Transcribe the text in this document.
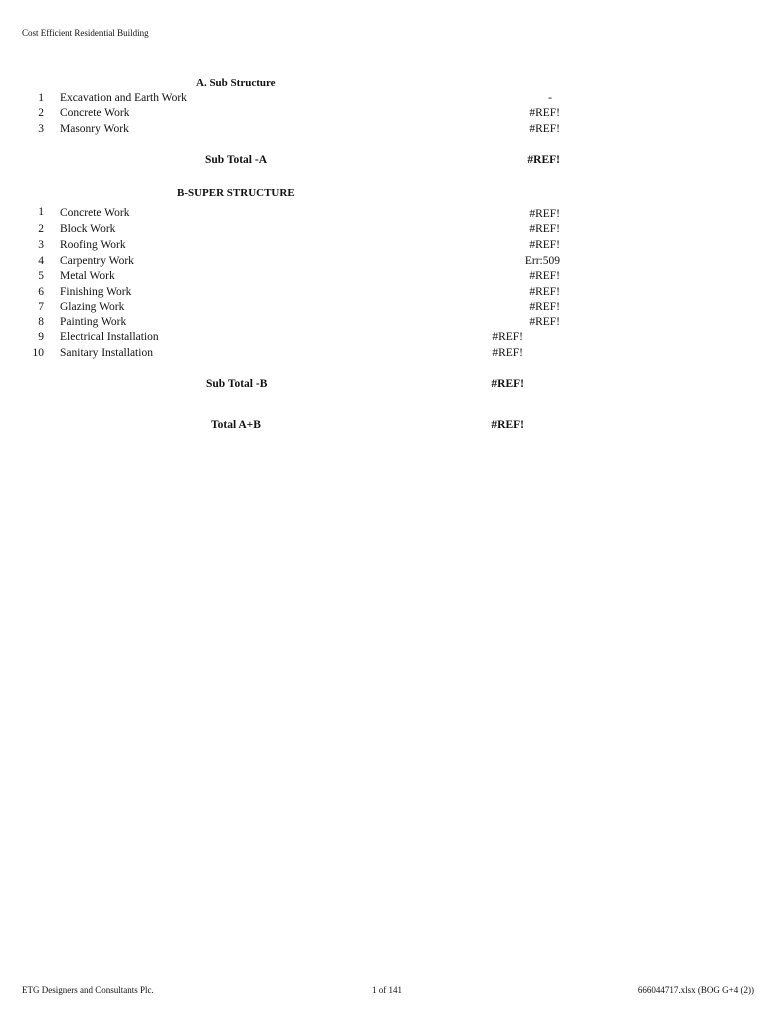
Cost Efficient Residential Building
A. Sub Structure
1 Excavation and Earth Work	-
2 Concrete Work	#REF!
3 Masonry Work	#REF!
Sub Total -A	#REF!
B-SUPER STRUCTURE
1 Concrete Work	#REF!
2 Block Work	#REF!
3 Roofing Work	#REF!
4 Carpentry Work	Err:509
5 Metal Work	#REF!
6 Finishing Work	#REF!
7 Glazing Work	#REF!
8 Painting Work	#REF!
9 Electrical Installation	#REF!
10 Sanitary Installation	#REF!
Sub Total -B	#REF!
Total A+B	#REF!
ETG Designers and Consultants Plc.	1 of 141	666044717.xlsx (BOG G+4 (2))
